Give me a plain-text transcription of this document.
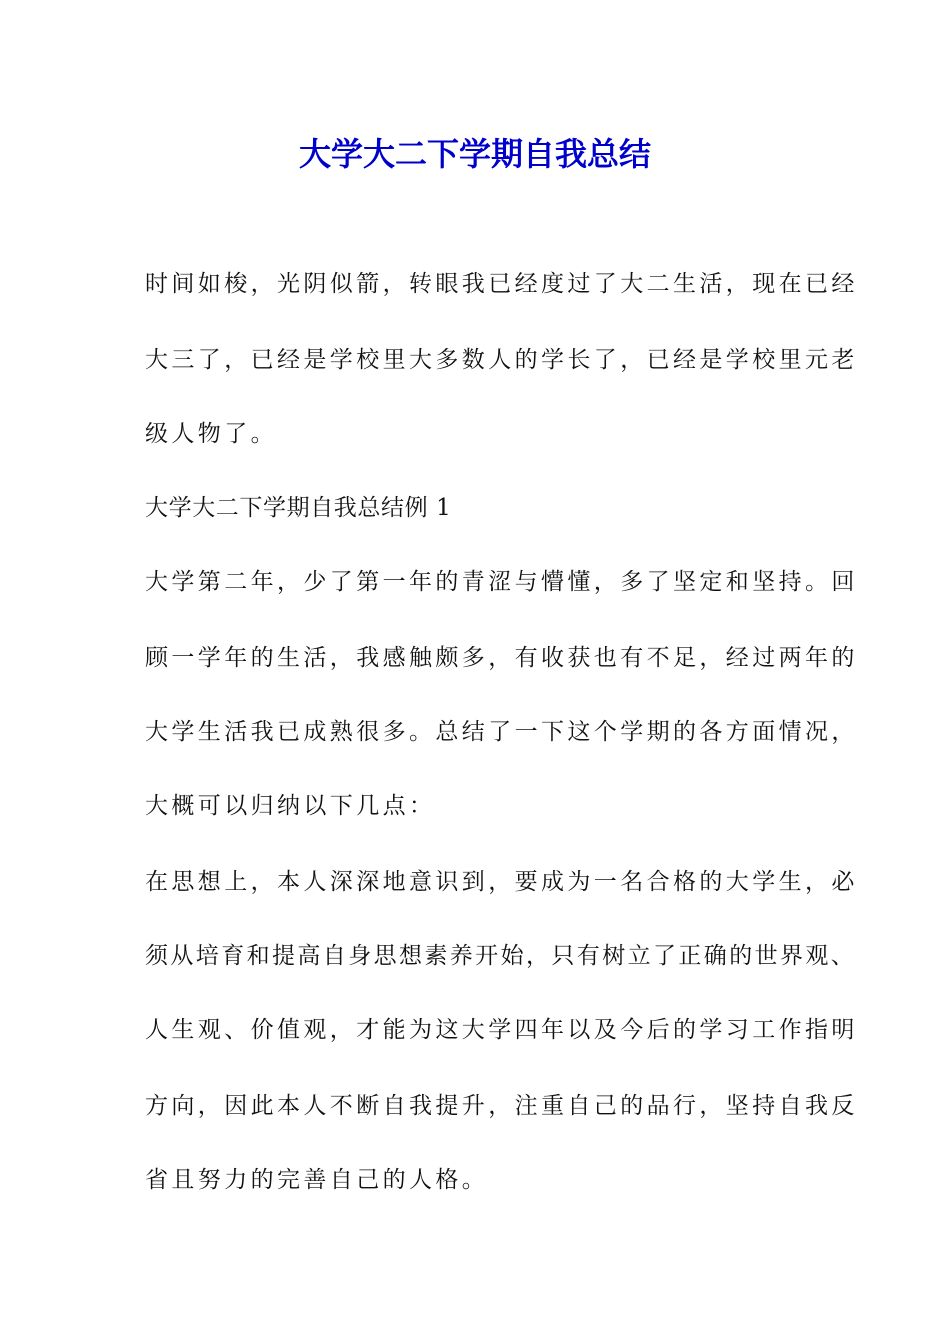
大学大二下学期自我总结

时间如梭，光阴似箭，转眼我已经度过了大二生活，现在已经

大三了，已经是学校里大多数人的学长了，已经是学校里元老

级人物了。

大学大二下学期自我总结例 1

大学第二年，少了第一年的青涩与懵懂，多了坚定和坚持。回

顾一学年的生活，我感触颇多，有收获也有不足，经过两年的

大学生活我已成熟很多。总结了一下这个学期的各方面情况，

大概可以归纳以下几点：

在思想上，本人深深地意识到，要成为一名合格的大学生，必

须从培育和提高自身思想素养开始，只有树立了正确的世界观、

人生观、价值观，才能为这大学四年以及今后的学习工作指明

方向，因此本人不断自我提升，注重自己的品行，坚持自我反

省且努力的完善自己的人格。
